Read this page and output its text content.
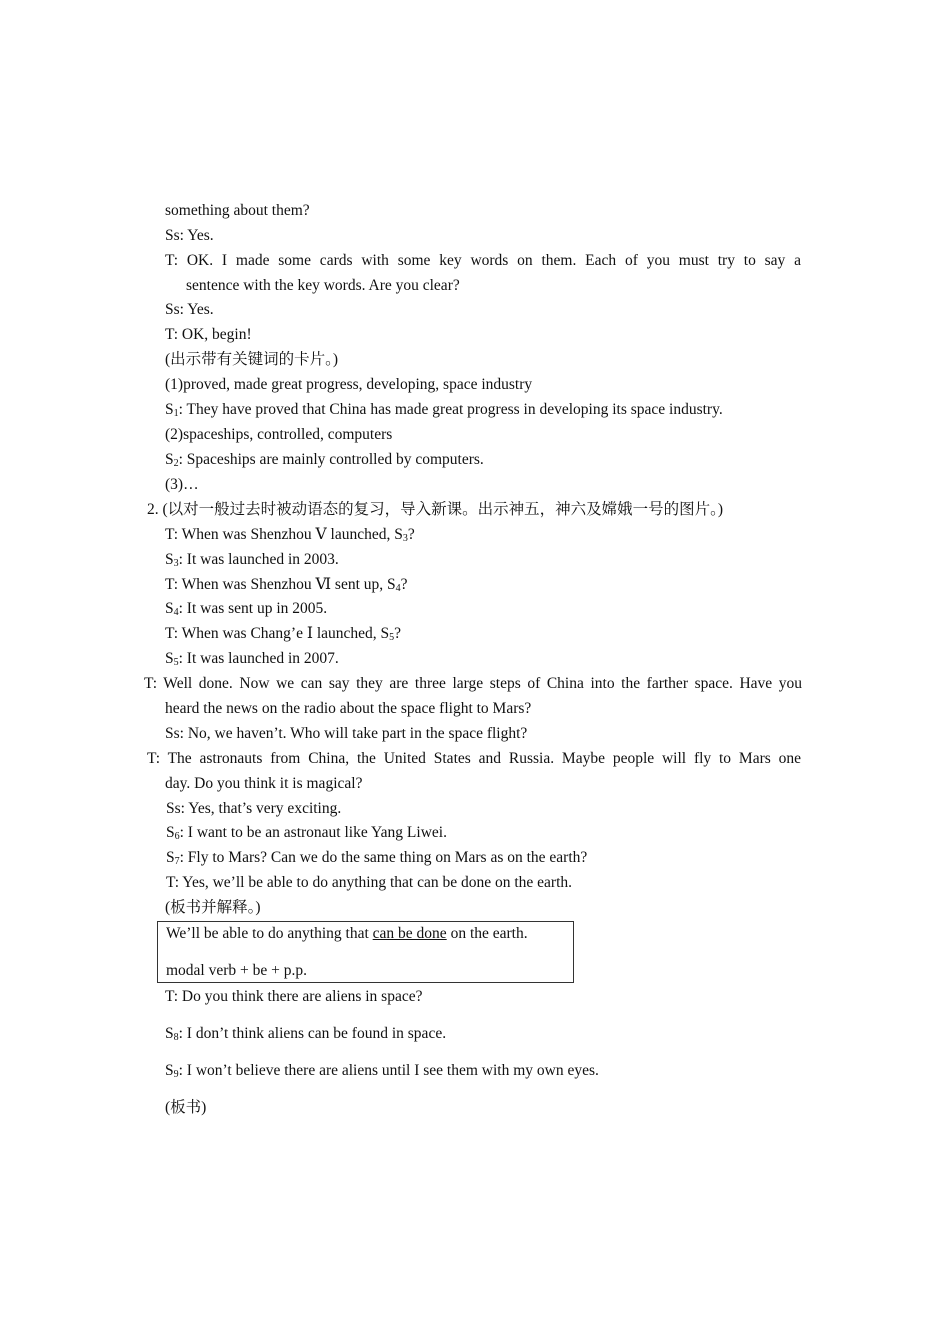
something about them?
Ss: Yes.
T: OK. I made some cards with some key words on them. Each of you must try to say a
sentence with the key words. Are you clear?
Ss: Yes.
T: OK, begin!
(出示带有关键词的卡片。)
(1)proved, made great progress, developing, space industry
$S_1$: They have proved that China has made great progress in developing its space industry.
(2)spaceships, controlled, computers
$S_2$: Spaceships are mainly controlled by computers.
(3)…
2. (以对一般过去时被动语态的复习，导入新课。出示神五，神六及嫦娥一号的图片。)
T: When was Shenzhou Ⅴ launched, $S_3$?
$S_3$: It was launched in 2003.
T: When was Shenzhou Ⅵ sent up, $S_4$?
$S_4$: It was sent up in 2005.
T: When was Chang’e Ⅰ launched, $S_5$?
$S_5$: It was launched in 2007.
T: Well done. Now we can say they are three large steps of China into the farther space. Have you
heard the news on the radio about the space flight to Mars?
Ss: No, we haven’t. Who will take part in the space flight?
T: The astronauts from China, the United States and Russia. Maybe people will fly to Mars one
day. Do you think it is magical?
Ss: Yes, that’s very exciting.
$S_6$: I want to be an astronaut like Yang Liwei.
$S_7$: Fly to Mars? Can we do the same thing on Mars as on the earth?
T: Yes, we’ll be able to do anything that can be done on the earth.
(板书并解释。)
We’ll be able to do anything that can be done on the earth.
modal verb + be + p.p.
T: Do you think there are aliens in space?
$S_8$: I don’t think aliens can be found in space.
$S_9$: I won’t believe there are aliens until I see them with my own eyes.
(板书)
